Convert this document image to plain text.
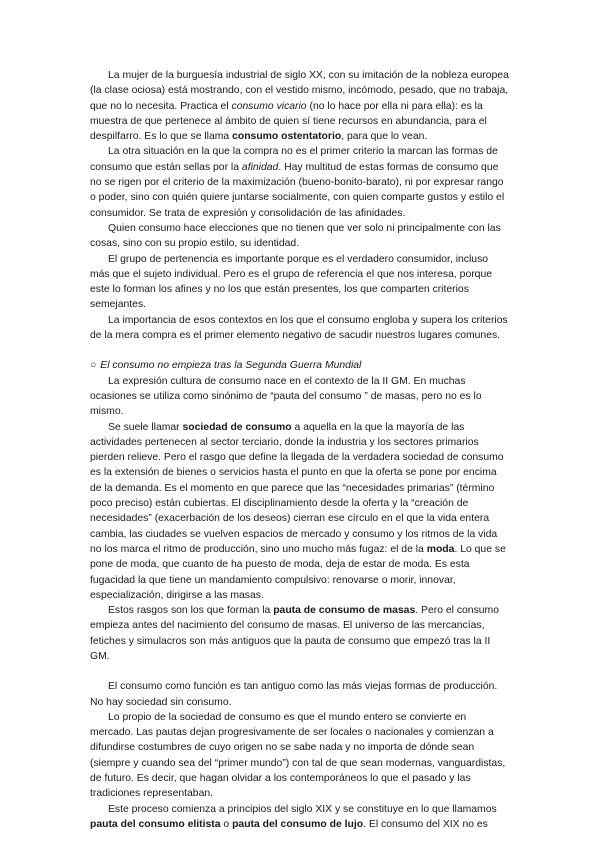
La mujer de la burguesía industrial de siglo XX, con su imitación de la nobleza europea (la clase ociosa) está mostrando, con el vestido mismo, incómodo, pesado, que no trabaja, que no lo necesita. Practica el consumo vicario (no lo hace por ella ni para ella): es la muestra de que pertenece al ámbito de quien sí tiene recursos en abundancia, para el despilfarro. Es lo que se llama consumo ostentatorio, para que lo vean.

La otra situación en la que la compra no es el primer criterio la marcan las formas de consumo que están sellas por la afinidad. Hay multitud de estas formas de consumo que no se rigen por el criterio de la maximización (bueno-bonito-barato), ni por expresar rango o poder, sino con quién quiere juntarse socialmente, con quien comparte gustos y estilo el consumidor. Se trata de expresión y consolidación de las afinidades.

Quien consumo hace elecciones que no tienen que ver solo ni principalmente con las cosas, sino con su propio estilo, su identidad.

El grupo de pertenencia es importante porque es el verdadero consumidor, incluso más que el sujeto individual. Pero es el grupo de referencia el que nos interesa, porque este lo forman los afines y no los que están presentes, los que comparten criterios semejantes.

La importancia de esos contextos en los que el consumo engloba y supera los criterios de la mera compra es el primer elemento negativo de sacudir nuestros lugares comunes.

○ El consumo no empieza tras la Segunda Guerra Mundial

La expresión cultura de consumo nace en el contexto de la II GM. En muchas ocasiones se utiliza como sinónimo de “pauta del consumo ” de masas, pero no es lo mismo.

Se suele llamar sociedad de consumo a aquella en la que la mayoría de las actividades pertenecen al sector terciario, donde la industria y los sectores primarios pierden relieve. Pero el rasgo que define la llegada de la verdadera sociedad de consumo es la extensión de bienes o servicios hasta el punto en que la oferta se pone por encima de la demanda. Es el momento en que parece que las “necesidades primarias” (término poco preciso) están cubiertas. El disciplinamiento desde la oferta y la “creación de necesidades” (exacerbación de los deseos) cierran ese círculo en el que la vida entera cambia, las ciudades se vuelven espacios de mercado y consumo y los ritmos de la vida no los marca el ritmo de producción, sino uno mucho más fugaz: el de la moda. Lo que se pone de moda, que cuanto de ha puesto de moda, deja de estar de moda. Es esta fugacidad la que tiene un mandamiento compulsivo: renovarse o morir, innovar, especialización, dirigirse a las masas.

Estos rasgos son los que forman la pauta de consumo de masas. Pero el consumo empieza antes del nacimiento del consumo de masas. El universo de las mercancías, fetiches y simulacros son más antiguos que la pauta de consumo que empezó tras la II GM.

El consumo como función es tan antiguo como las más viejas formas de producción. No hay sociedad sin consumo.

Lo propio de la sociedad de consumo es que el mundo entero se convierte en mercado. Las pautas dejan progresivamente de ser locales o nacionales y comienzan a difundirse costumbres de cuyo origen no se sabe nada y no importa de dónde sean (siempre y cuando sea del “primer mundo”) con tal de que sean modernas, vanguardistas, de futuro. Es decir, que hagan olvidar a los contemporáneos lo que el pasado y las tradiciones representaban.

Este proceso comienza a principios del siglo XIX y se constituye en lo que llamamos pauta del consumo elitista o pauta del consumo de lujo. El consumo del XIX no es
